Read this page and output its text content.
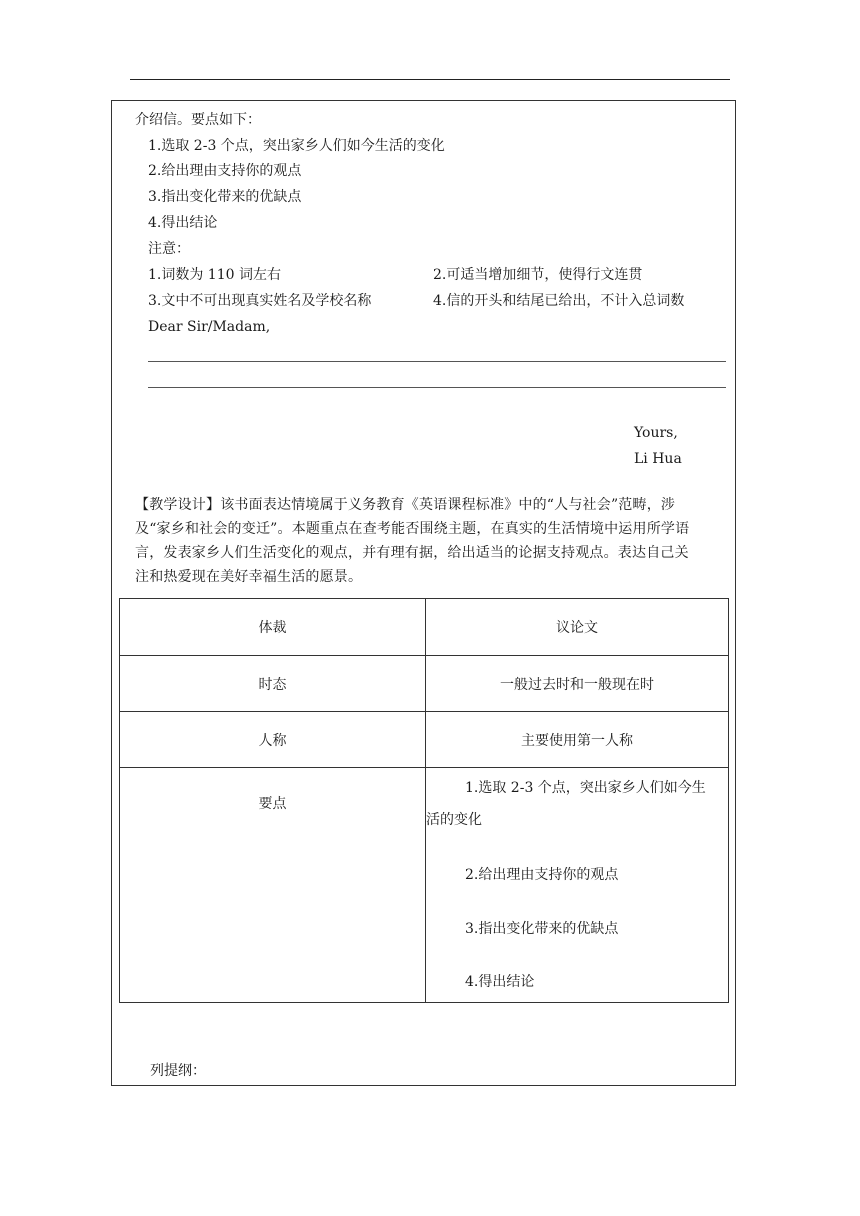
介绍信。要点如下：
1.选取 2-3 个点，突出家乡人们如今生活的变化
2.给出理由支持你的观点
3.指出变化带来的优缺点
4.得出结论
注意：
1.词数为 110 词左右	2.可适当增加细节，使得行文连贯
3.文中不可出现真实姓名及学校名称	4.信的开头和结尾已给出，不计入总词数
Dear Sir/Madam,
Yours,
Li Hua
【教学设计】该书面表达情境属于义务教育《英语课程标准》中的“人与社会”范畴，涉
及“家乡和社会的变迁”。本题重点在查考能否围绕主题，在真实的生活情境中运用所学语
言，发表家乡人们生活变化的观点，并有理有据，给出适当的论据支持观点。表达自己关
注和热爱现在美好幸福生活的愿景。
体裁	议论文
时态	一般过去时和一般现在时
人称	主要使用第一人称

要点	1.选取 2-3 个点，突出家乡人们如今生
活的变化
2.给出理由支持你的观点
3.指出变化带来的优缺点
4.得出结论
列提纲：
